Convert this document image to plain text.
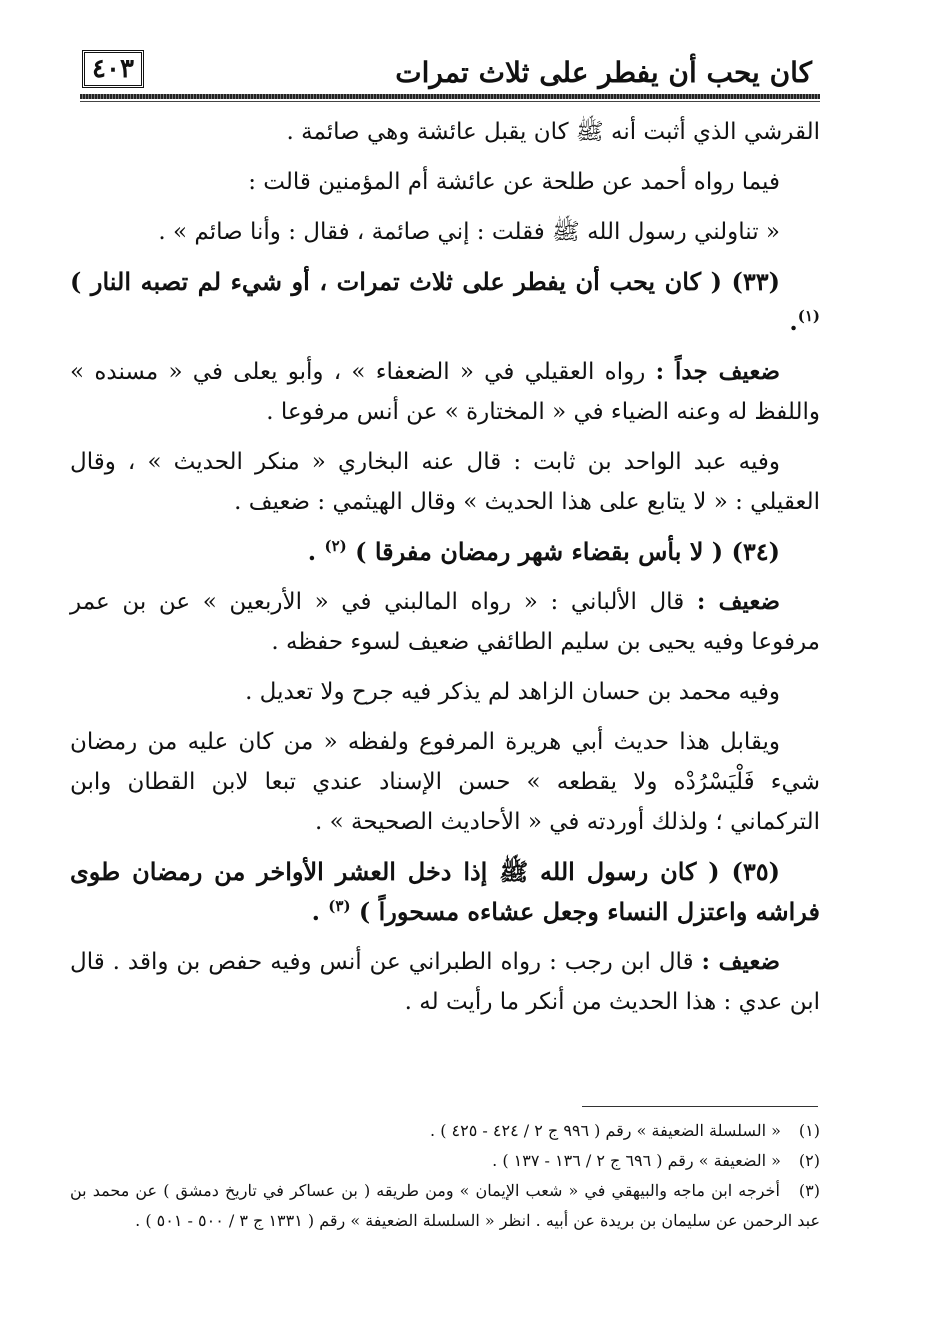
٤٠٣	كان يحب أن يفطر على ثلاث تمرات

القرشي الذي أثبت أنه ﷺ كان يقبل عائشة وهي صائمة .

فيما رواه أحمد عن طلحة عن عائشة أم المؤمنين قالت :

« تناولني رسول الله ﷺ فقلت : إني صائمة ، فقال : وأنا صائم » .

(٣٣) ( كان يحب أن يفطر على ثلاث تمرات ، أو شيء لم تصبه النار ) $^{(١)}$.

ضعيف جداً : رواه العقيلي في « الضعفاء » ، وأبو يعلى في « مسنده » واللفظ له وعنه الضياء في « المختارة » عن أنس مرفوعا .

وفيه عبد الواحد بن ثابت : قال عنه البخاري « منكر الحديث » ، وقال العقيلي : « لا يتابع على هذا الحديث » وقال الهيثمي : ضعيف .

(٣٤) ( لا بأس بقضاء شهر رمضان مفرقا ) $^{(٢)}$ .

ضعيف : قال الألباني : « رواه المالبني في « الأربعين » عن بن عمر مرفوعا وفيه يحيى بن سليم الطائفي ضعيف لسوء حفظه .

وفيه محمد بن حسان الزاهد لم يذكر فيه جرح ولا تعديل .

ويقابل هذا حديث أبي هريرة المرفوع ولفظه « من كان عليه من رمضان شيء فَلْيَسْرُدْه ولا يقطعه » حسن الإسناد عندي تبعا لابن القطان وابن التركماني ؛ ولذلك أوردته في « الأحاديث الصحيحة » .

(٣٥) ( كان رسول الله ﷺ إذا دخل العشر الأواخر من رمضان طوى فراشه واعتزل النساء وجعل عشاءه مسحوراً ) $^{(٣)}$ .

ضعيف : قال ابن رجب : رواه الطبراني عن أنس وفيه حفص بن واقد . قال ابن عدي : هذا الحديث من أنكر ما رأيت له .

(١) « السلسلة الضعيفة » رقم ( ٩٩٦ ج ٢ / ٤٢٤ - ٤٢٥ ) .

(٢) « الضعيفة » رقم ( ٦٩٦ ج ٢ / ١٣٦ - ١٣٧ ) .

(٣) أخرجه ابن ماجه والبيهقي في « شعب الإيمان » ومن طريقه ( بن عساكر في تاريخ دمشق ) عن محمد بن عبد الرحمن عن سليمان بن بريدة عن أبيه . انظر « السلسلة الضعيفة » رقم ( ١٣٣١ ج ٣ / ٥٠٠ - ٥٠١ ) .
